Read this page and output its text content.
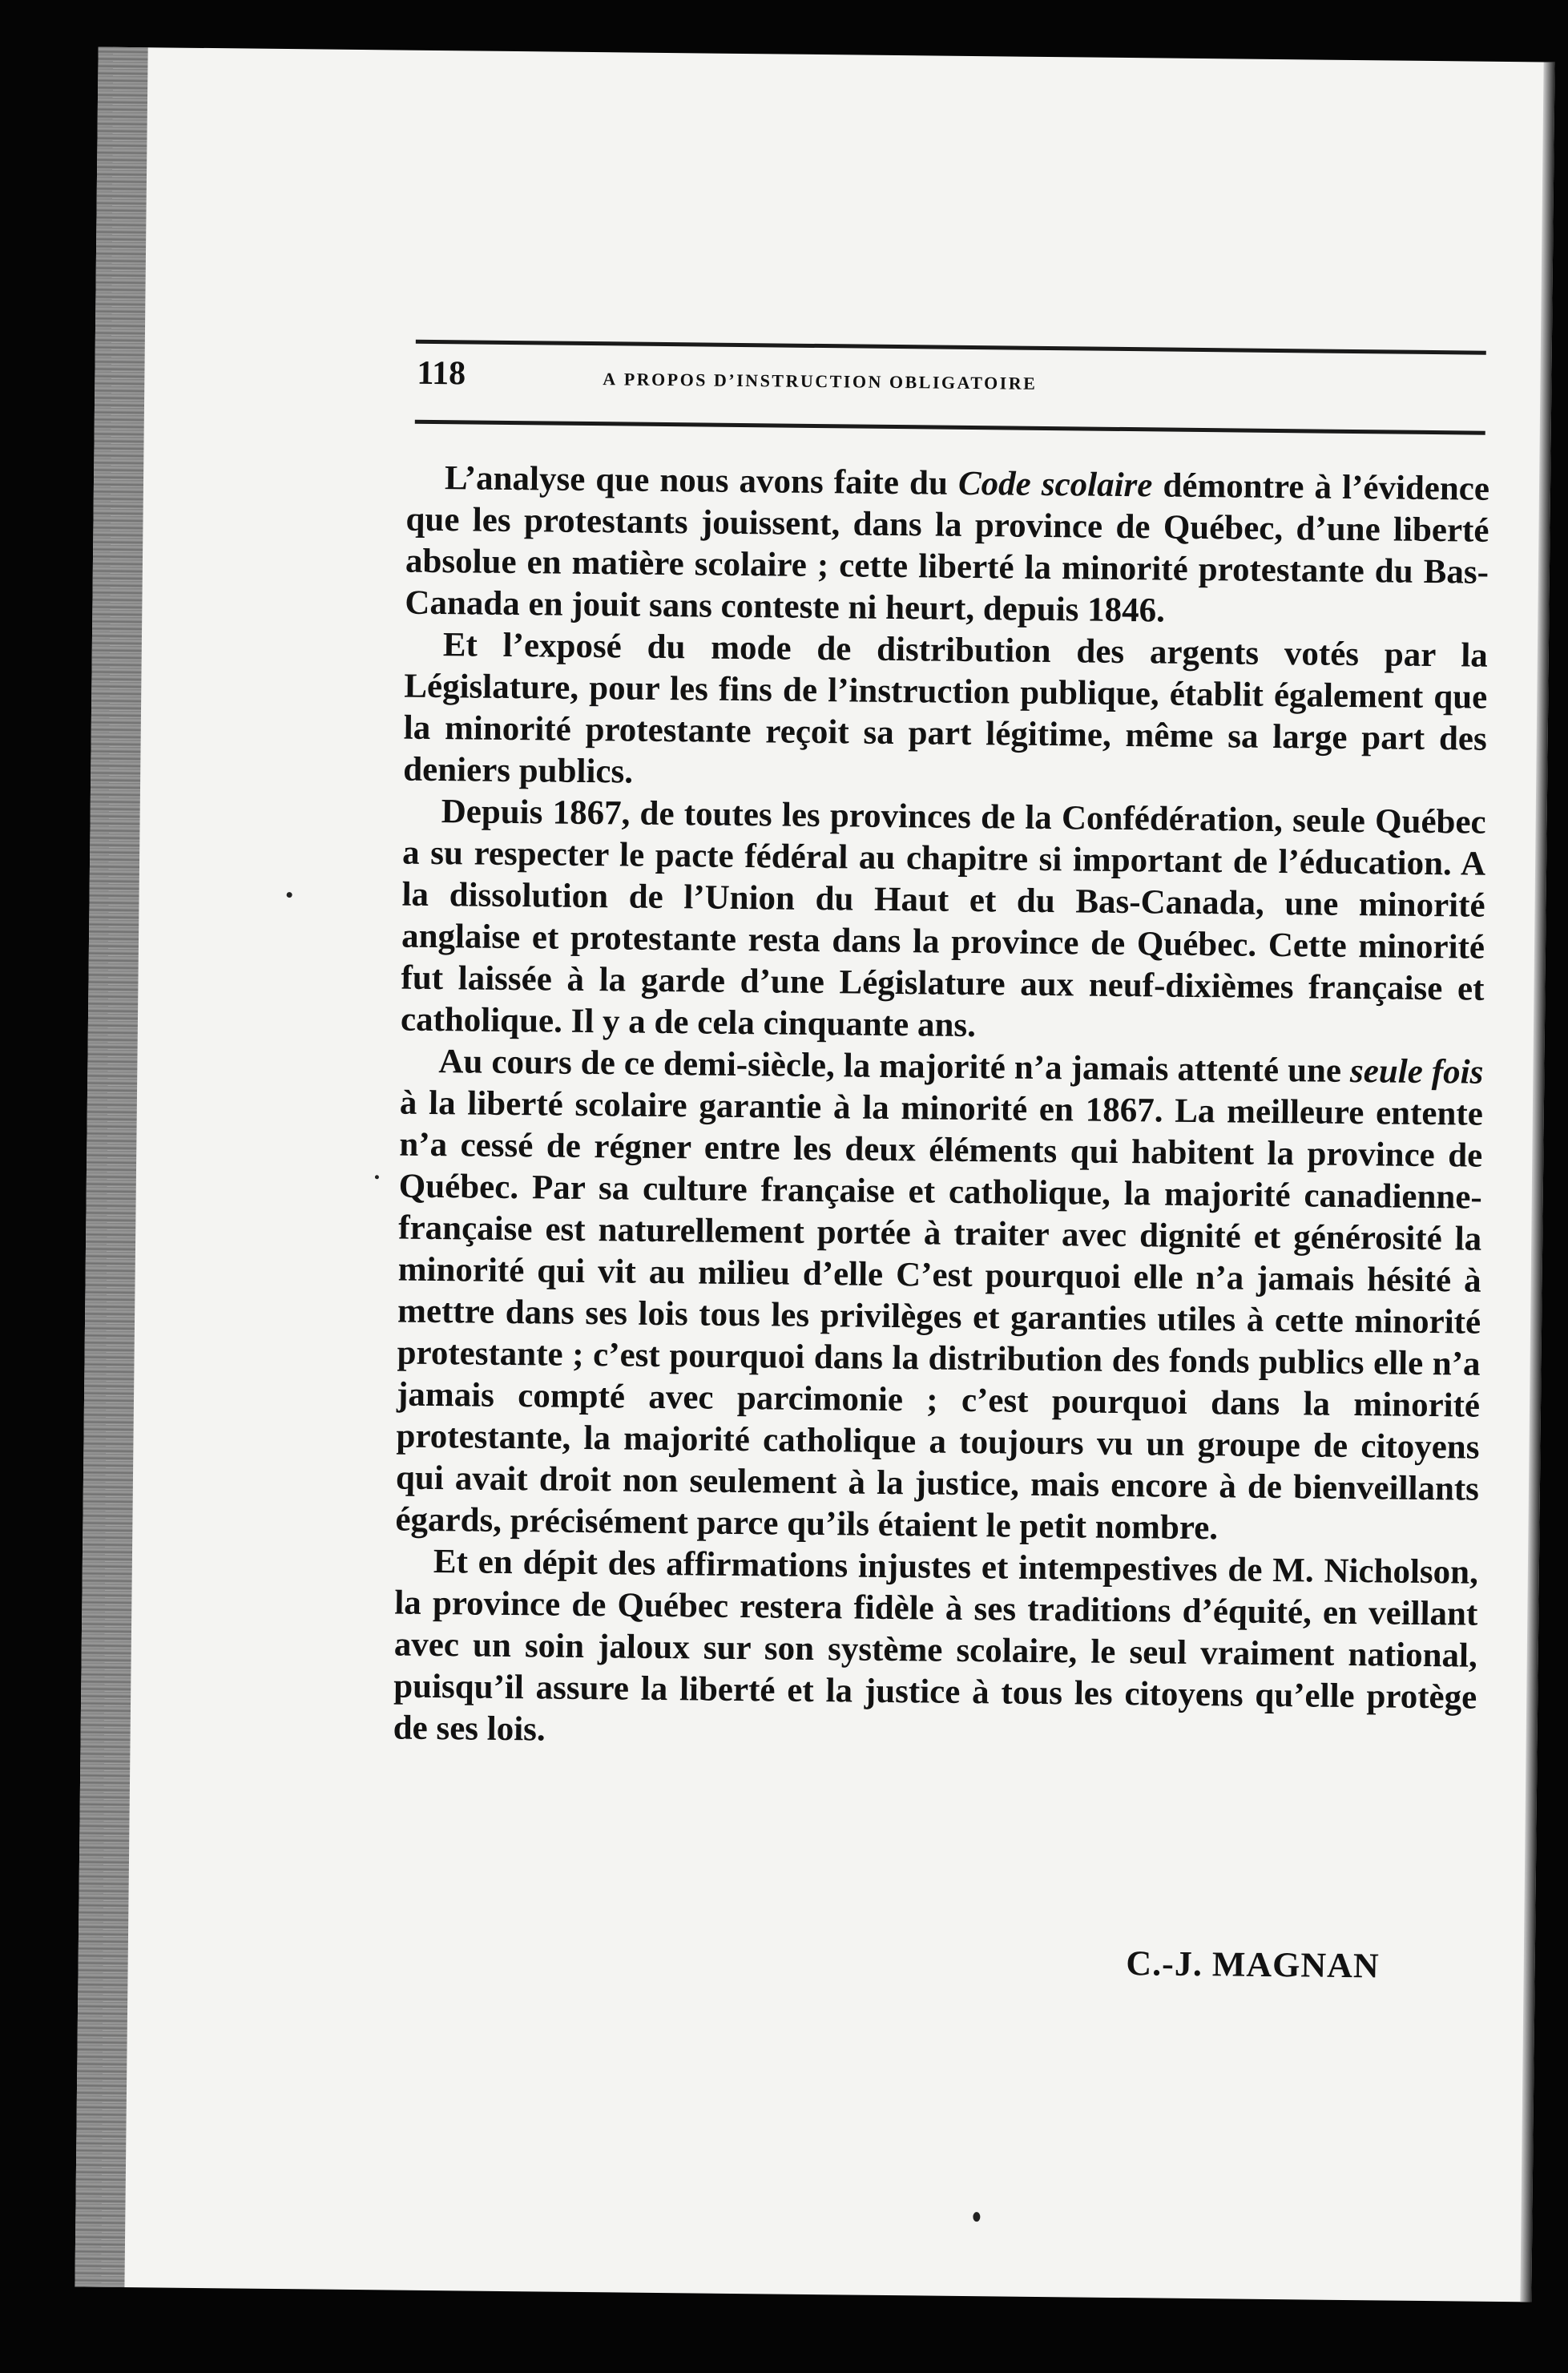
118	a propos d’instruction obligatoire

L’analyse que nous avons faite du Code scolaire démontre à l’évidence que les protestants jouissent, dans la province de Québec, d’une liberté absolue en matière scolaire ; cette liberté la minorité protestante du Bas-Canada en jouit sans conteste ni heurt, depuis 1846.

Et l’exposé du mode de distribution des argents votés par la Législature, pour les fins de l’instruction publique, établit également que la minorité protestante reçoit sa part légitime, même sa large part des deniers publics.

Depuis 1867, de toutes les provinces de la Confédération, seule Québec a su respecter le pacte fédéral au chapitre si important de l’éducation. A la dissolution de l’Union du Haut et du Bas-Canada, une minorité anglaise et protestante resta dans la province de Québec. Cette minorité fut laissée à la garde d’une Législature aux neuf-dixièmes française et catholique. Il y a de cela cinquante ans.

Au cours de ce demi-siècle, la majorité n’a jamais attenté une seule fois à la liberté scolaire garantie à la minorité en 1867. La meilleure entente n’a cessé de régner entre les deux éléments qui habitent la province de Québec. Par sa culture française et catholique, la majorité canadienne-française est naturellement portée à traiter avec dignité et générosité la minorité qui vit au milieu d’elle C’est pourquoi elle n’a jamais hésité à mettre dans ses lois tous les privilèges et garanties utiles à cette minorité protestante ; c’est pourquoi dans la distribution des fonds publics elle n’a jamais compté avec parcimonie ; c’est pourquoi dans la minorité protestante, la majorité catholique a toujours vu un groupe de citoyens qui avait droit non seulement à la justice, mais encore à de bienveillants égards, précisément parce qu’ils étaient le petit nombre.

Et en dépit des affirmations injustes et intempestives de M. Nicholson, la province de Québec restera fidèle à ses traditions d’équité, en veillant avec un soin jaloux sur son système scolaire, le seul vraiment national, puisqu’il assure la liberté et la justice à tous les citoyens qu’elle protège de ses lois.

C.-J. MAGNAN
